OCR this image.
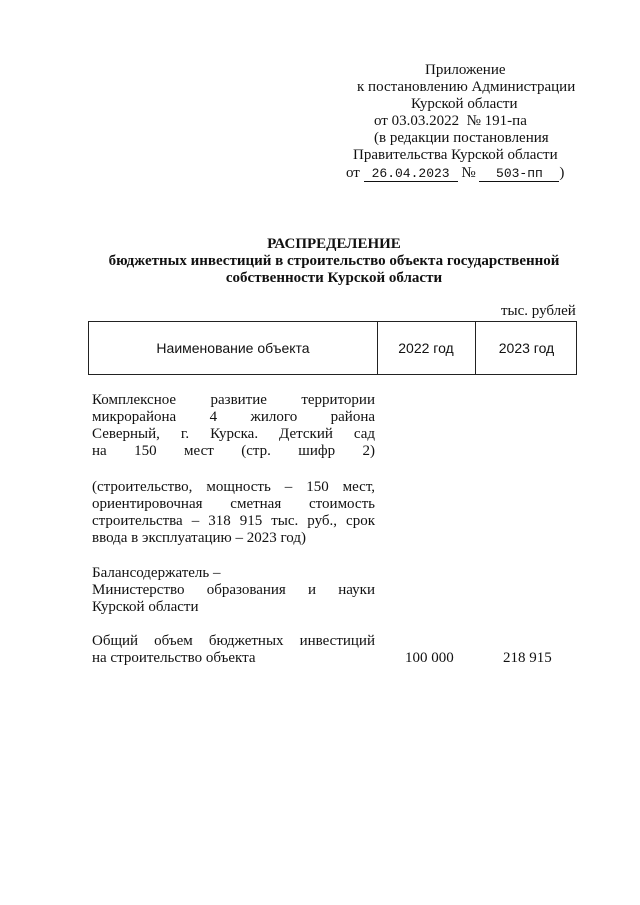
Приложение
к постановлению Администрации
Курской области
от 03.03.2022 № 191-па
(в редакции постановления
Правительства Курской области
от 26.04.2023 № 503-пп )
РАСПРЕДЕЛЕНИЕ
бюджетных инвестиций в строительство объекта государственной
собственности Курской области
тыс. рублей
Наименование объекта	2022 год	2023 год
Комплексное развитие территории
микрорайона 4 жилого района
Северный, г. Курска. Детский сад
на 150 мест (стр. шифр 2)
(строительство, мощность – 150 мест,
ориентировочная сметная стоимость
строительства – 318 915 тыс. руб., срок
ввода в эксплуатацию – 2023 год)
Балансодержатель –
Министерство образования и науки
Курской области
Общий объем бюджетных инвестиций
на строительство объекта	100 000	218 915
